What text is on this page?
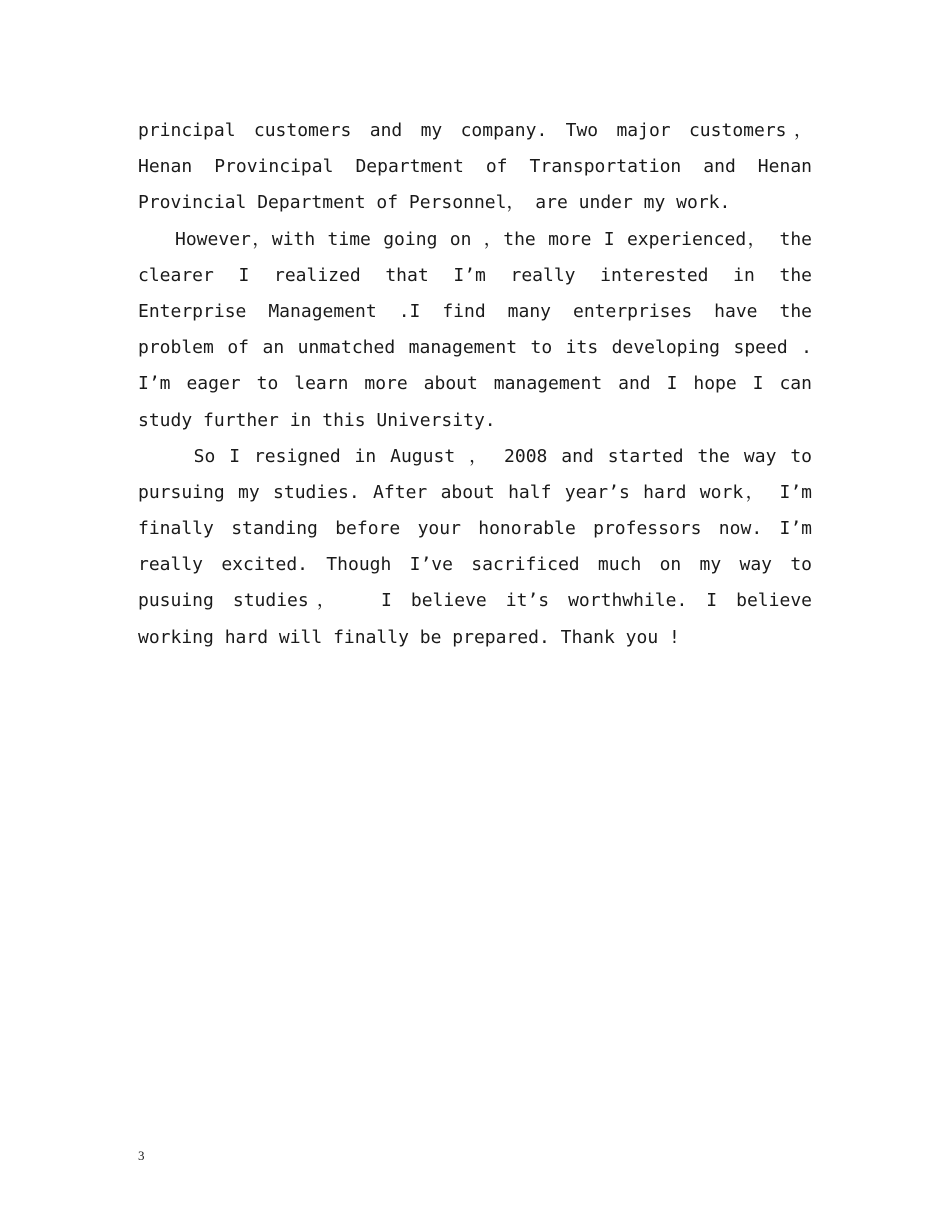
principal customers and my company. Two major customers，
Henan Provincipal Department of Transportation and Henan
Provincial Department of Personnel， are under my work.
However，with time going on ，the more I experienced， the
clearer I realized that I’m really interested in the
Enterprise Management .I find many enterprises have the
problem of an unmatched management to its developing speed .
I’m eager to learn more about management and I hope I can
study further in this University.
So I resigned in August ， 2008 and started the way to
pursuing my studies. After about half year’s hard work， I’m
finally standing before your honorable professors now. I’m
really excited. Though I’ve sacrificed much on my way to
pusuing studies，  I believe it’s worthwhile. I believe
working hard will finally be prepared. Thank you !
3
